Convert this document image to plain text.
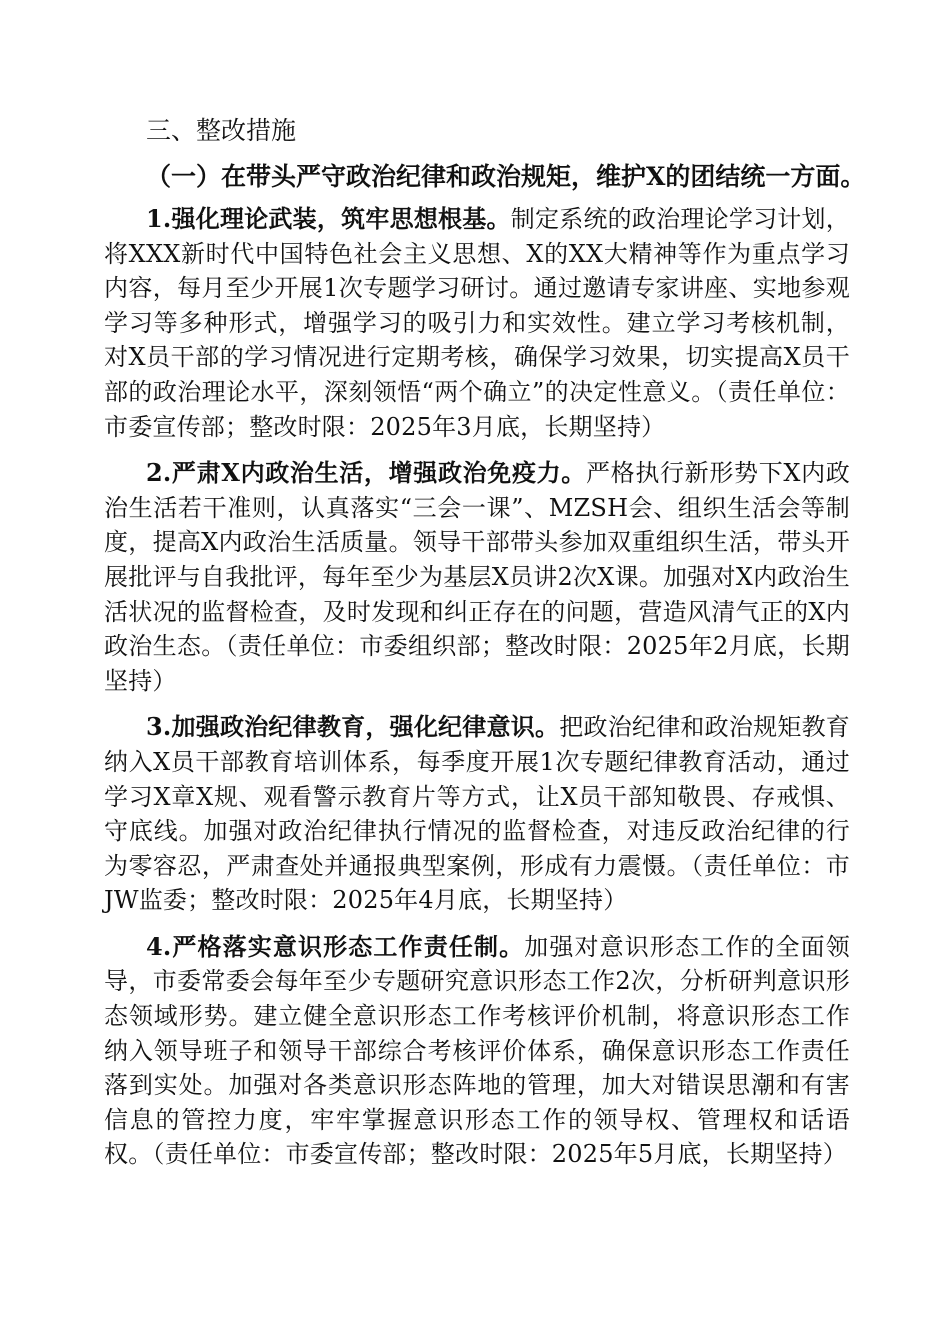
三、整改措施
（一）在带头严守政治纪律和政治规矩，维护X的团结统一方面。

1.强化理论武装，筑牢思想根基。制定系统的政治理论学习计划，将XXX新时代中国特色社会主义思想、X的XX大精神等作为重点学习内容，每月至少开展1次专题学习研讨。通过邀请专家讲座、实地参观学习等多种形式，增强学习的吸引力和实效性。建立学习考核机制，对X员干部的学习情况进行定期考核，确保学习效果，切实提高X员干部的政治理论水平，深刻领悟“两个确立”的决定性意义。（责任单位：市委宣传部；整改时限：2025年3月底，长期坚持）

2.严肃X内政治生活，增强政治免疫力。严格执行新形势下X内政治生活若干准则，认真落实“三会一课”、MZSH会、组织生活会等制度，提高X内政治生活质量。领导干部带头参加双重组织生活，带头开展批评与自我批评，每年至少为基层X员讲2次X课。加强对X内政治生活状况的监督检查，及时发现和纠正存在的问题，营造风清气正的X内政治生态。（责任单位：市委组织部；整改时限：2025年2月底，长期坚持）

3.加强政治纪律教育，强化纪律意识。把政治纪律和政治规矩教育纳入X员干部教育培训体系，每季度开展1次专题纪律教育活动，通过学习X章X规、观看警示教育片等方式，让X员干部知敬畏、存戒惧、守底线。加强对政治纪律执行情况的监督检查，对违反政治纪律的行为零容忍，严肃查处并通报典型案例，形成有力震慑。（责任单位：市JW监委；整改时限：2025年4月底，长期坚持）

4.严格落实意识形态工作责任制。加强对意识形态工作的全面领导，市委常委会每年至少专题研究意识形态工作2次，分析研判意识形态领域形势。建立健全意识形态工作考核评价机制，将意识形态工作纳入领导班子和领导干部综合考核评价体系，确保意识形态工作责任落到实处。加强对各类意识形态阵地的管理，加大对错误思潮和有害信息的管控力度，牢牢掌握意识形态工作的领导权、管理权和话语权。（责任单位：市委宣传部；整改时限：2025年5月底，长期坚持）
